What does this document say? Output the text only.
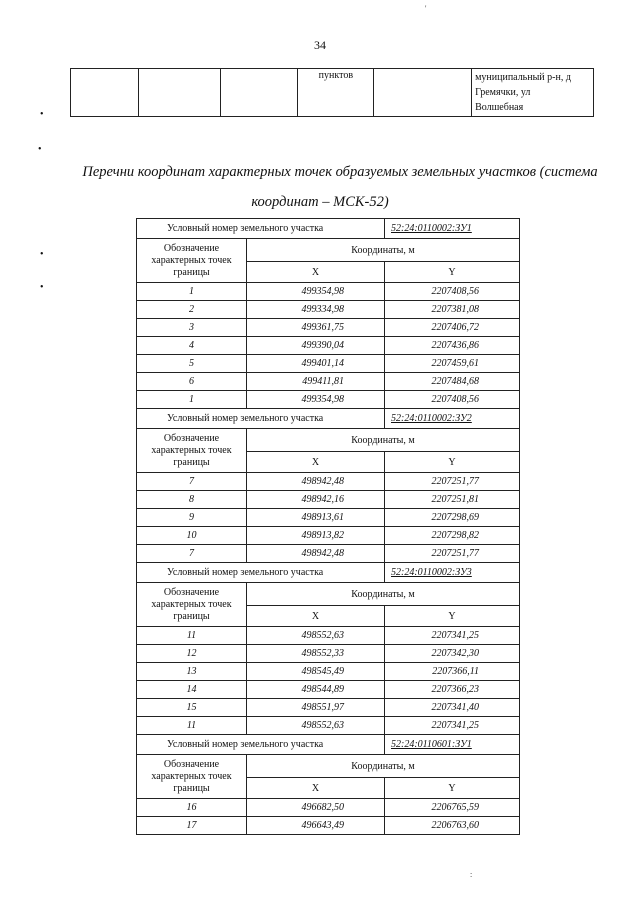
34
			пунктов		муниципальный р-н, д
Гремячки, ул
Волшебная
•
•
•
•
Перечни координат характерных точек образуемых земельных участков (система
координат – МСК-52)
Условный номер земельного участка		52:24:0110002:ЗУ1
Обозначение характерных точек границы	Координаты, м	
	X	Y
1	499354,98	2207408,56
2	499334,98	2207381,08
3	499361,75	2207406,72
4	499390,04	2207436,86
5	499401,14	2207459,61
6	499411,81	2207484,68
1	499354,98	2207408,56
Условный номер земельного участка		52:24:0110002:ЗУ2
Обозначение характерных точек границы	Координаты, м	
	X	Y
7	498942,48	2207251,77
8	498942,16	2207251,81
9	498913,61	2207298,69
10	498913,82	2207298,82
7	498942,48	2207251,77
Условный номер земельного участка		52:24:0110002:ЗУ3
Обозначение характерных точек границы	Координаты, м	
	X	Y
11	498552,63	2207341,25
12	498552,33	2207342,30
13	498545,49	2207366,11
14	498544,89	2207366,23
15	498551,97	2207341,40
11	498552,63	2207341,25
Условный номер земельного участка		52:24:0110601:ЗУ1
Обозначение характерных точек границы	Координаты, м	
	X	Y
16	496682,50	2206765,59
17	496643,49	2206763,60
'
:
